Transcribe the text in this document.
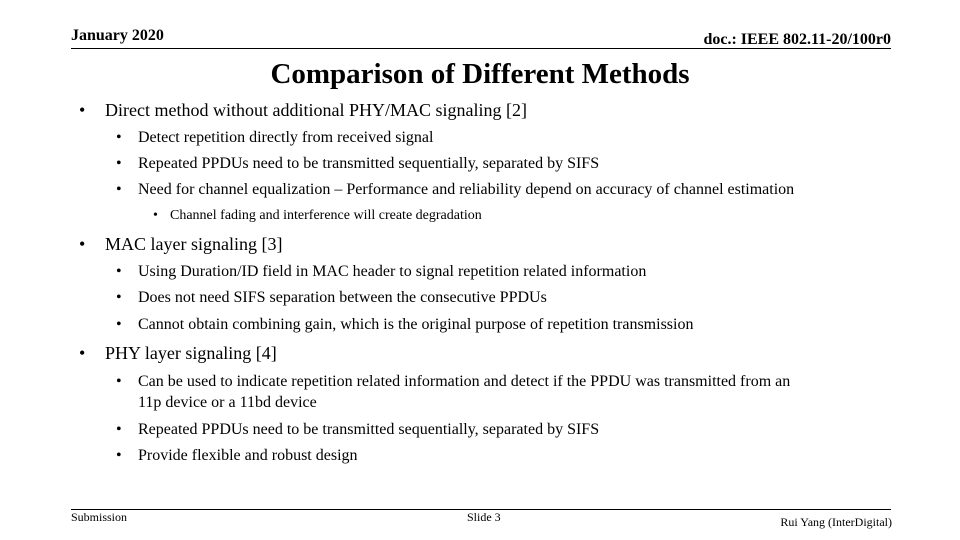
January 2020	doc.: IEEE 802.11-20/100r0
Comparison of Different Methods
• Direct method without additional PHY/MAC signaling [2]
• Detect repetition directly from received signal
• Repeated PPDUs need to be transmitted sequentially, separated by SIFS
• Need for channel equalization – Performance and reliability depend on accuracy of channel estimation
• Channel fading and interference will create degradation
• MAC layer signaling [3]
• Using Duration/ID field in MAC header to signal repetition related information
• Does not need SIFS separation between the consecutive PPDUs
• Cannot obtain combining gain, which is the original purpose of repetition transmission
• PHY layer signaling [4]
• Can be used to indicate repetition related information and detect if the PPDU was transmitted from an
11p device or a 11bd device
• Repeated PPDUs need to be transmitted sequentially, separated by SIFS
• Provide flexible and robust design
Submission	Slide 3	Rui Yang (InterDigital)
